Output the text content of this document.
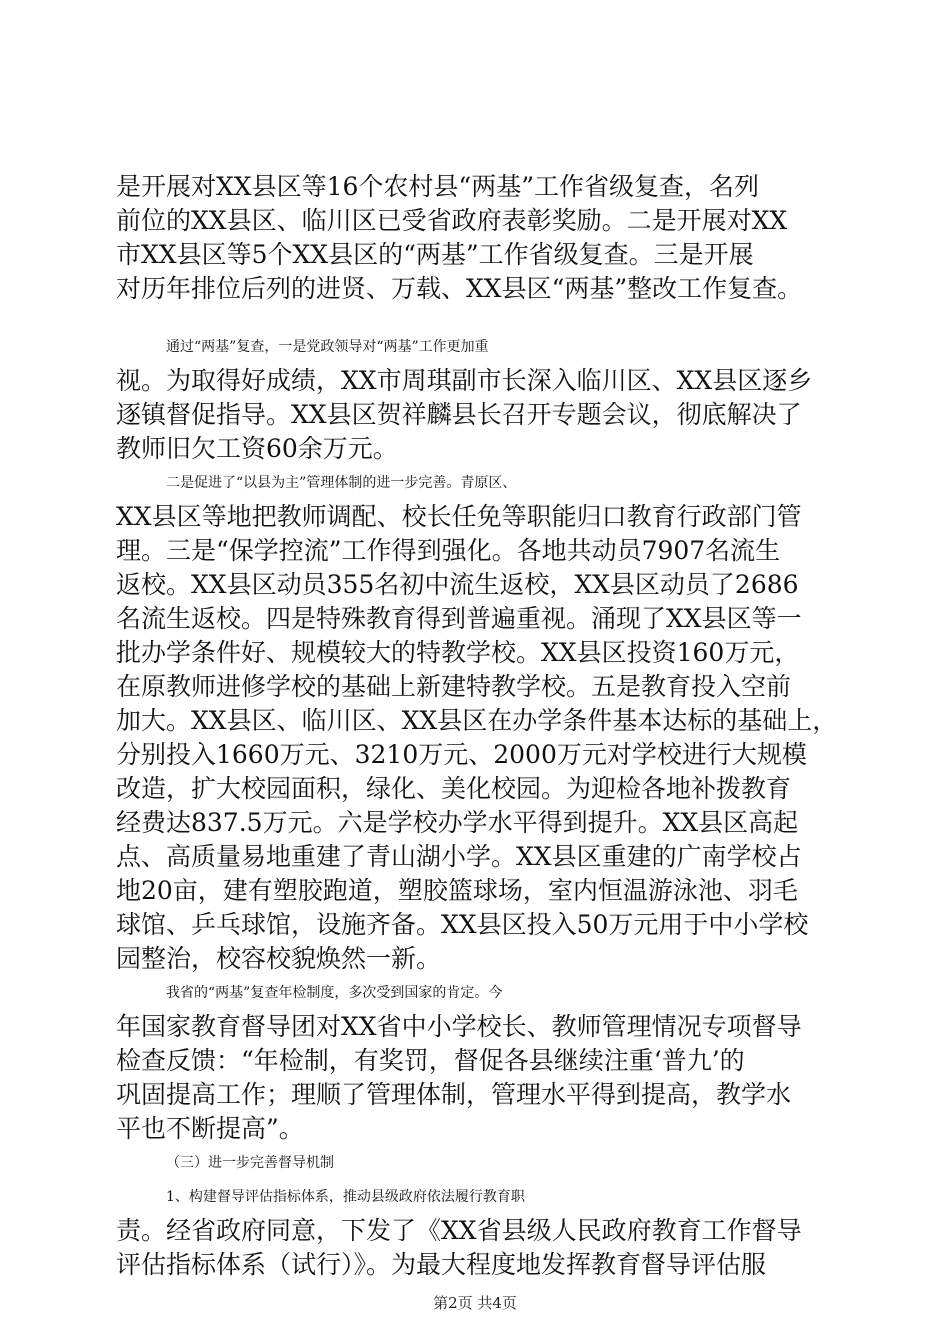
是开展对XX县区等16个农村县“两基”工作省级复查，名列
前位的XX县区、临川区已受省政府表彰奖励。二是开展对XX
市XX县区等5个XX县区的“两基”工作省级复查。三是开展
对历年排位后列的进贤、万载、XX县区“两基”整改工作复查。
通过“两基”复查，一是党政领导对“两基”工作更加重
视。为取得好成绩，XX市周琪副市长深入临川区、XX县区逐乡
逐镇督促指导。XX县区贺祥麟县长召开专题会议，彻底解决了
教师旧欠工资60余万元。
二是促进了“以县为主”管理体制的进一步完善。青原区、
XX县区等地把教师调配、校长任免等职能归口教育行政部门管
理。三是“保学控流”工作得到强化。各地共动员7907名流生
返校。XX县区动员355名初中流生返校，XX县区动员了2686
名流生返校。四是特殊教育得到普遍重视。涌现了XX县区等一
批办学条件好、规模较大的特教学校。XX县区投资160万元，
在原教师进修学校的基础上新建特教学校。五是教育投入空前
加大。XX县区、临川区、XX县区在办学条件基本达标的基础上，
分别投入1660万元、3210万元、2000万元对学校进行大规模
改造，扩大校园面积，绿化、美化校园。为迎检各地补拨教育
经费达837.5万元。六是学校办学水平得到提升。XX县区高起
点、高质量易地重建了青山湖小学。XX县区重建的广南学校占
地20亩，建有塑胶跑道，塑胶篮球场，室内恒温游泳池、羽毛
球馆、乒乓球馆，设施齐备。XX县区投入50万元用于中小学校
园整治，校容校貌焕然一新。
我省的“两基”复查年检制度，多次受到国家的肯定。今
年国家教育督导团对XX省中小学校长、教师管理情况专项督导
检查反馈：“年检制，有奖罚，督促各县继续注重‘普九’的
巩固提高工作；理顺了管理体制，管理水平得到提高，教学水
平也不断提高”。
（三）进一步完善督导机制
1、构建督导评估指标体系，推动县级政府依法履行教育职
责。经省政府同意，下发了《XX省县级人民政府教育工作督导
评估指标体系（试行）》。为最大程度地发挥教育督导评估服
第2页 共4页
